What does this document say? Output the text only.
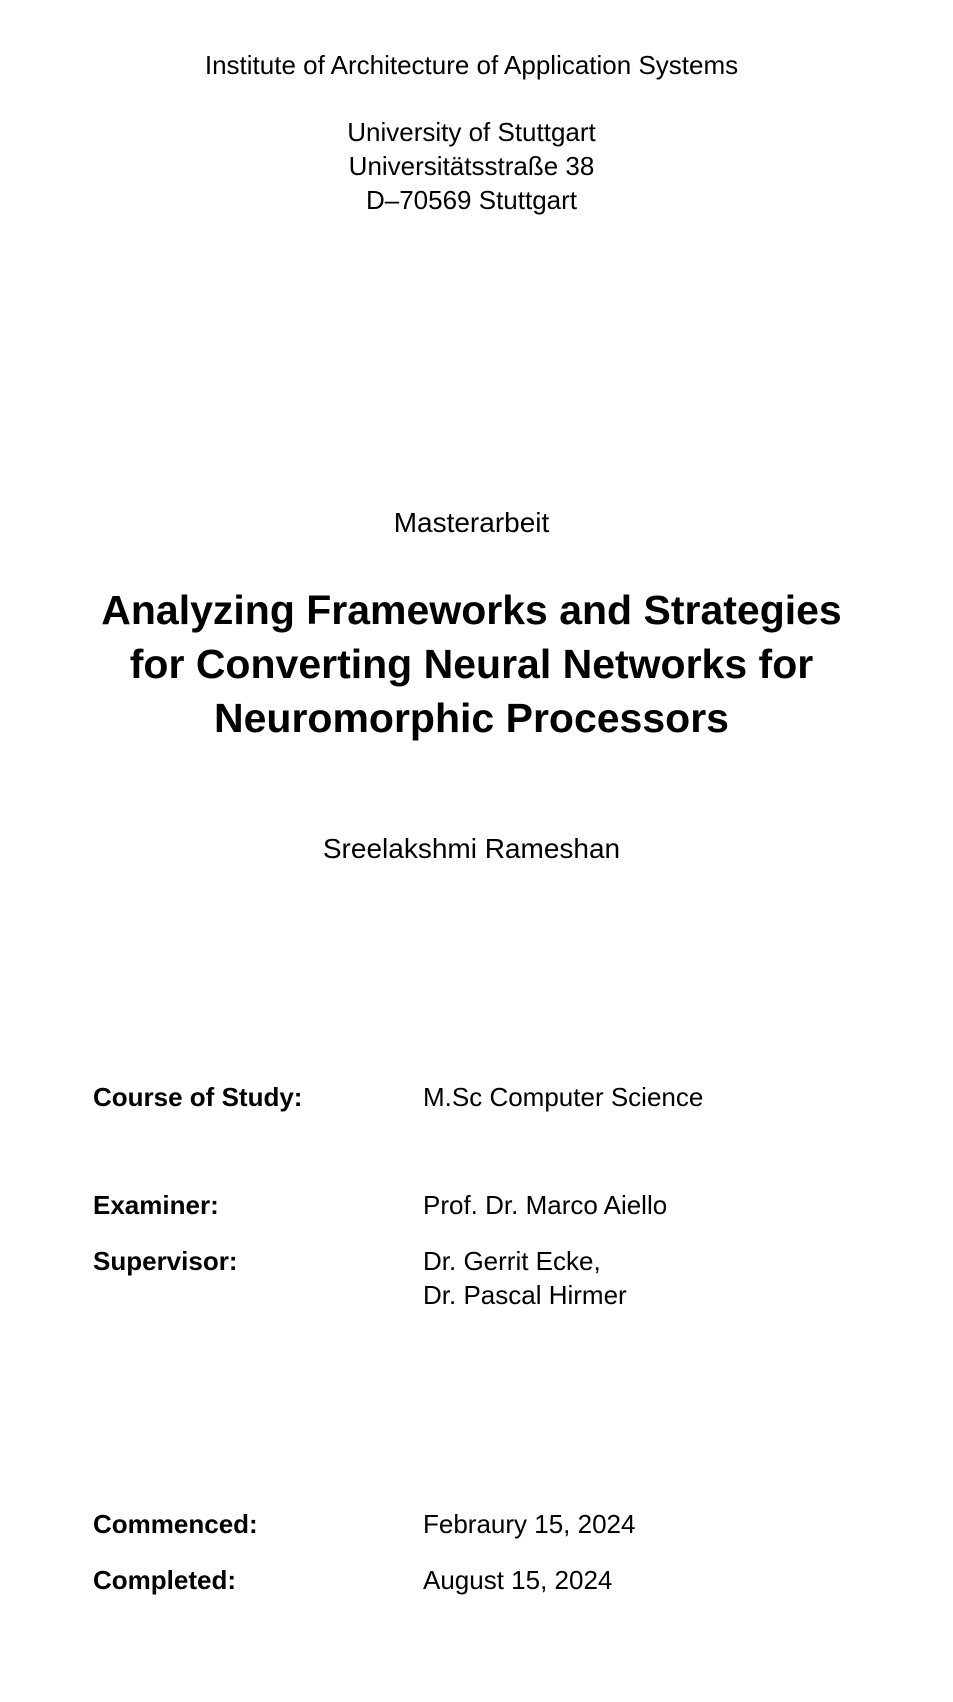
Institute of Architecture of Application Systems
University of Stuttgart
Universitätsstraße 38
D–70569 Stuttgart
Masterarbeit
Analyzing Frameworks and Strategies for Converting Neural Networks for Neuromorphic Processors
Sreelakshmi Rameshan
Course of Study:	M.Sc Computer Science
Examiner:	Prof. Dr. Marco Aiello
Supervisor:	Dr. Gerrit Ecke,
Dr. Pascal Hirmer
Commenced:	Febraury 15, 2024
Completed:	August 15, 2024
